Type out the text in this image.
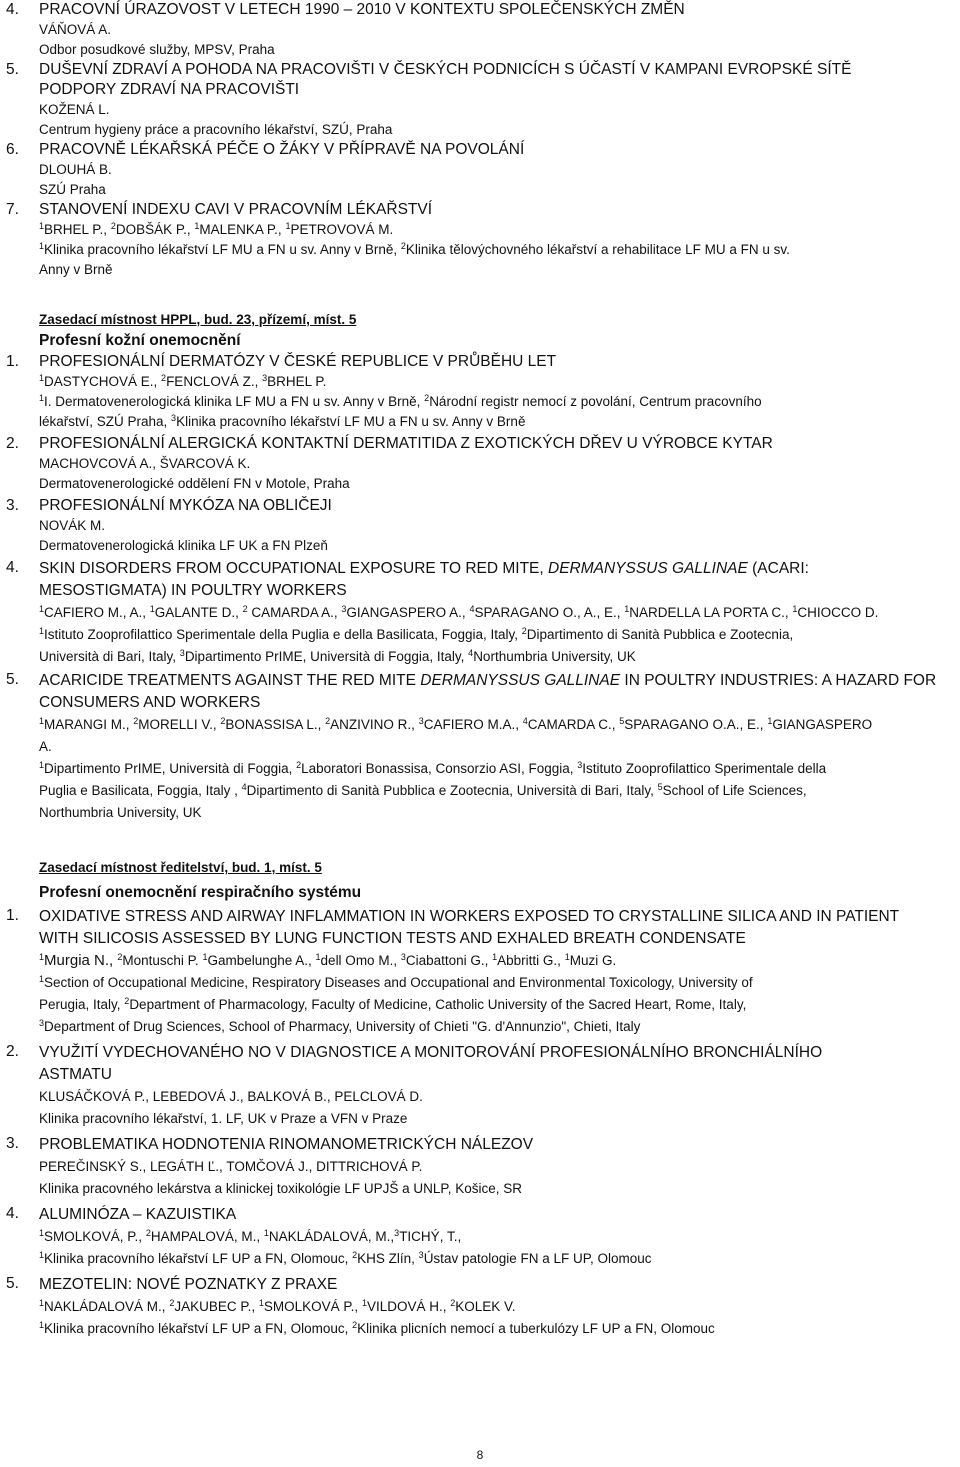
4. PRACOVNÍ ÚRAZOVOST V LETECH 1990 – 2010 V KONTEXTU SPOLEČENSKÝCH ZMĚN
VÁŇOVÁ A.
Odbor posudkové služby, MPSV, Praha
5. DUŠEVNÍ ZDRAVÍ A POHODA NA PRACOVIŠTI V ČESKÝCH PODNICÍCH S ÚČASTÍ V KAMPANI EVROPSKÉ SÍTĚ
PODPORY ZDRAVÍ NA PRACOVIŠTI
KOŽENÁ L.
Centrum hygieny práce a pracovního lékařství, SZÚ, Praha
6. PRACOVNĚ LÉKAŘSKÁ PÉČE O ŽÁKY V PŘÍPRAVĚ NA POVOLÁNÍ
DLOUHÁ B.
SZÚ Praha
7. STANOVENÍ INDEXU CAVI V PRACOVNÍM LÉKAŘSTVÍ
$^1$BRHEL P., $^2$DOBŠÁK P., $^1$MALENKA P., $^1$PETROVOVÁ M.
$^1$Klinika pracovního lékařství LF MU a FN u sv. Anny v Brně, $^2$Klinika tělovýchovného lékařství a rehabilitace LF MU a FN u sv.
Anny v Brně
Zasedací místnost HPPL, bud. 23, přízemí, míst. 5
Profesní kožní onemocnění
1. PROFESIONÁLNÍ DERMATÓZY V ČESKÉ REPUBLICE V PRŮBĚHU LET
$^1$DASTYCHOVÁ E., $^2$FENCLOVÁ Z., $^3$BRHEL P.
$^1$I. Dermatovenerologická klinika LF MU a FN u sv. Anny v Brně, $^2$Národní registr nemocí z povolání, Centrum pracovního
lékařství, SZÚ Praha, $^3$Klinika pracovního lékařství LF MU a FN u sv. Anny v Brně
2. PROFESIONÁLNÍ ALERGICKÁ KONTAKTNÍ DERMATITIDA Z EXOTICKÝCH DŘEV U VÝROBCE KYTAR
MACHOVCOVÁ A., ŠVARCOVÁ K.
Dermatovenerologické oddělení FN v Motole, Praha
3. PROFESIONÁLNÍ MYKÓZA NA OBLIČEJI
NOVÁK M.
Dermatovenerologická klinika LF UK a FN Plzeň
4. SKIN DISORDERS FROM OCCUPATIONAL EXPOSURE TO RED MITE, DERMANYSSUS GALLINAE (ACARI:
MESOSTIGMATA) IN POULTRY WORKERS
$^1$CAFIERO M., A., $^1$GALANTE D., $^2$ CAMARDA A., $^3$GIANGASPERO A., $^4$SPARAGANO O., A., E., $^1$NARDELLA LA PORTA C., $^1$CHIOCCO D.
$^1$Istituto Zooprofilattico Sperimentale della Puglia e della Basilicata, Foggia, Italy, $^2$Dipartimento di Sanità Pubblica e Zootecnia,
Università di Bari, Italy, $^3$Dipartimento PrIME, Università di Foggia, Italy, $^4$Northumbria University, UK
5. ACARICIDE TREATMENTS AGAINST THE RED MITE DERMANYSSUS GALLINAE IN POULTRY INDUSTRIES: A HAZARD FOR
CONSUMERS AND WORKERS
$^1$MARANGI M., $^2$MORELLI V., $^2$BONASSISA L., $^2$ANZIVINO R., $^3$CAFIERO M.A., $^4$CAMARDA C., $^5$SPARAGANO O.A., E., $^1$GIANGASPERO
A.
$^1$Dipartimento PrIME, Università di Foggia, $^2$Laboratori Bonassisa, Consorzio ASI, Foggia, $^3$Istituto Zooprofilattico Sperimentale della
Puglia e Basilicata, Foggia, Italy , $^4$Dipartimento di Sanità Pubblica e Zootecnia, Università di Bari, Italy, $^5$School of Life Sciences,
Northumbria University, UK
Zasedací místnost ředitelství, bud. 1, míst. 5
Profesní onemocnění respiračního systému
1. OXIDATIVE STRESS AND AIRWAY INFLAMMATION IN WORKERS EXPOSED TO CRYSTALLINE SILICA AND IN PATIENT
WITH SILICOSIS ASSESSED BY LUNG FUNCTION TESTS AND EXHALED BREATH CONDENSATE
$^1$Murgia N., $^2$Montuschi P. $^1$Gambelunghe A., $^1$dell Omo M., $^3$Ciabattoni G., $^1$Abbritti G., $^1$Muzi G.
$^1$Section of Occupational Medicine, Respiratory Diseases and Occupational and Environmental Toxicology, University of
Perugia, Italy, $^2$Department of Pharmacology, Faculty of Medicine, Catholic University of the Sacred Heart, Rome, Italy,
$^3$Department of Drug Sciences, School of Pharmacy, University of Chieti "G. d'Annunzio", Chieti, Italy
2. VYUŽITÍ VYDECHOVANÉHO NO V DIAGNOSTICE A MONITOROVÁNÍ PROFESIONÁLNÍHO BRONCHIÁLNÍHO
ASTMATU
KLUSÁČKOVÁ P., LEBEDOVÁ J., BALKOVÁ B., PELCLOVÁ D.
Klinika pracovního lékařství, 1. LF, UK v Praze a VFN v Praze
3. PROBLEMATIKA HODNOTENIA RINOMANOMETRICKÝCH NÁLEZOV
PEREČINSKÝ S., LEGÁTH Ľ., TOMČOVÁ J., DITTRICHOVÁ P.
Klinika pracovného lekárstva a klinickej toxikológie LF UPJŠ a UNLP, Košice, SR
4. ALUMINÓZA – KAZUISTIKA
$^1$SMOLKOVÁ, P., $^2$HAMPALOVÁ, M., $^1$NAKLÁDALOVÁ, M.,$^3$TICHÝ, T.,
$^1$Klinika pracovního lékařství LF UP a FN, Olomouc, $^2$KHS Zlín, $^3$Ústav patologie FN a LF UP, Olomouc
5. MEZOTELIN: NOVÉ POZNATKY Z PRAXE
$^1$NAKLÁDALOVÁ M., $^2$JAKUBEC P., $^1$SMOLKOVÁ P., $^1$VILDOVÁ H., $^2$KOLEK V.
$^1$Klinika pracovního lékařství LF UP a FN, Olomouc, $^2$Klinika plicních nemocí a tuberkulózy LF UP a FN, Olomouc
8
